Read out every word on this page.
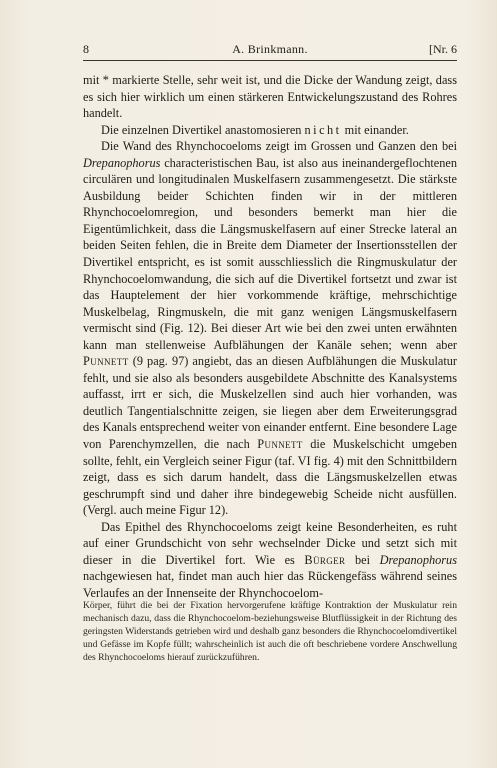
8	A. Brinkmann.	[Nr. 6

mit * markierte Stelle, sehr weit ist, und die Dicke der Wandung zeigt, dass es sich hier wirklich um einen stärkeren Entwickelungszustand des Rohres handelt.

Die einzelnen Divertikel anastomosieren nicht mit einander.

Die Wand des Rhynchocoeloms zeigt im Grossen und Ganzen den bei Drepanophorus characteristischen Bau, ist also aus ineinandergeflochtenen circulären und longitudinalen Muskelfasern zusammengesetzt. Die stärkste Ausbildung beider Schichten finden wir in der mittleren Rhynchocoelomregion, und besonders bemerkt man hier die Eigentümlichkeit, dass die Längsmuskelfasern auf einer Strecke lateral an beiden Seiten fehlen, die in Breite dem Diameter der Insertionsstellen der Divertikel entspricht, es ist somit ausschliesslich die Ringmuskulatur der Rhynchocoelomwandung, die sich auf die Divertikel fortsetzt und zwar ist das Hauptelement der hier vorkommende kräftige, mehrschichtige Muskelbelag, Ringmuskeln, die mit ganz wenigen Längsmuskelfasern vermischt sind (Fig. 12). Bei dieser Art wie bei den zwei unten erwähnten kann man stellenweise Aufblähungen der Kanäle sehen; wenn aber Punnett (9 pag. 97) angiebt, das an diesen Aufblähungen die Muskulatur fehlt, und sie also als besonders ausgebildete Abschnitte des Kanalsystems auffasst, irrt er sich, die Muskelzellen sind auch hier vorhanden, was deutlich Tangentialschnitte zeigen, sie liegen aber dem Erweiterungsgrad des Kanals entsprechend weiter von einander entfernt. Eine besondere Lage von Parenchymzellen, die nach Punnett die Muskelschicht umgeben sollte, fehlt, ein Vergleich seiner Figur (taf. VI fig. 4) mit den Schnittbildern zeigt, dass es sich darum handelt, dass die Längsmuskelzellen etwas geschrumpft sind und daher ihre bindegewebig Scheide nicht ausfüllen. (Vergl. auch meine Figur 12).

Das Epithel des Rhynchocoeloms zeigt keine Besonderheiten, es ruht auf einer Grundschicht von sehr wechselnder Dicke und setzt sich mit dieser in die Divertikel fort. Wie es Bürger bei Drepanophorus nachgewiesen hat, findet man auch hier das Rückengefäss während seines Verlaufes an der Innenseite der Rhynchocoelom-

Körper, führt die bei der Fixation hervorgerufene kräftige Kontraktion der Muskulatur rein mechanisch dazu, dass die Rhynchocoelom-beziehungsweise Blutflüssigkeit in der Richtung des geringsten Widerstands getrieben wird und deshalb ganz besonders die Rhynchocoelomdivertikel und Gefässe im Kopfe füllt; wahrscheinlich ist auch die oft beschriebene vordere Anschwellung des Rhynchocoeloms hierauf zurückzuführen.
